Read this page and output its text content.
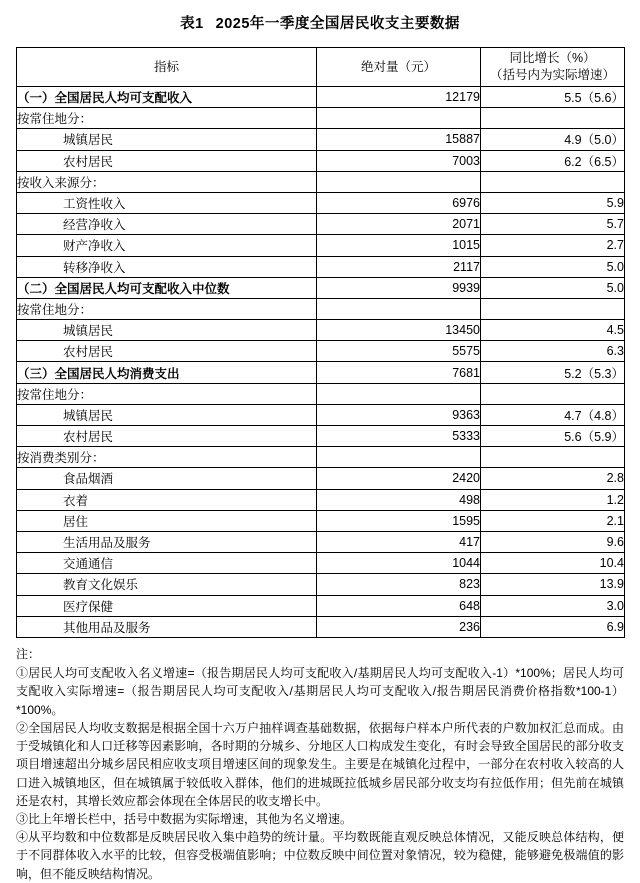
表1 2025年一季度全国居民收支主要数据
指标	绝对量（元）	同比增长（%）
（括号内为实际增速）

（一）全国居民人均可支配收入	12179	5.5（5.6）
按常住地分：		
城镇居民	15887	4.9（5.0）
农村居民	7003	6.2（6.5）
按收入来源分：		
工资性收入	6976	5.9
经营净收入	2071	5.7
财产净收入	1015	2.7
转移净收入	2117	5.0
（二）全国居民人均可支配收入中位数	9939	5.0
按常住地分：		
城镇居民	13450	4.5
农村居民	5575	6.3
（三）全国居民人均消费支出	7681	5.2（5.3）
按常住地分：		
城镇居民	9363	4.7（4.8）
农村居民	5333	5.6（5.9）
按消费类别分：		
食品烟酒	2420	2.8
衣着	498	1.2
居住	1595	2.1
生活用品及服务	417	9.6
交通通信	1044	10.4
教育文化娱乐	823	13.9
医疗保健	648	3.0
其他用品及服务	236	6.9

注：

①居民人均可支配收入名义增速=（报告期居民人均可支配收入/基期居民人均可支配收入-1）*100%；居民人均可支配收入实际增速=（报告期居民人均可支配收入/基期居民人均可支配收入/报告期居民消费价格指数*100-1）*100%。

②全国居民人均收支数据是根据全国十六万户抽样调查基础数据，依据每户样本户所代表的户数加权汇总而成。由于受城镇化和人口迁移等因素影响，各时期的分城乡、分地区人口构成发生变化，有时会导致全国居民的部分收支项目增速超出分城乡居民相应收支项目增速区间的现象发生。主要是在城镇化过程中，一部分在农村收入较高的人口进入城镇地区，但在城镇属于较低收入群体，他们的进城既拉低城乡居民部分收支均有拉低作用；但先前在城镇还是农村，其增长效应都会体现在全体居民的收支增长中。

③比上年增长栏中，括号中数据为实际增速，其他为名义增速。

④从平均数和中位数都是反映居民收入集中趋势的统计量。平均数既能直观反映总体情况，又能反映总体结构，便于不同群体收入水平的比较，但容受极端值影响；中位数反映中间位置对象情况，较为稳健，能够避免极端值的影响，但不能反映结构情况。
